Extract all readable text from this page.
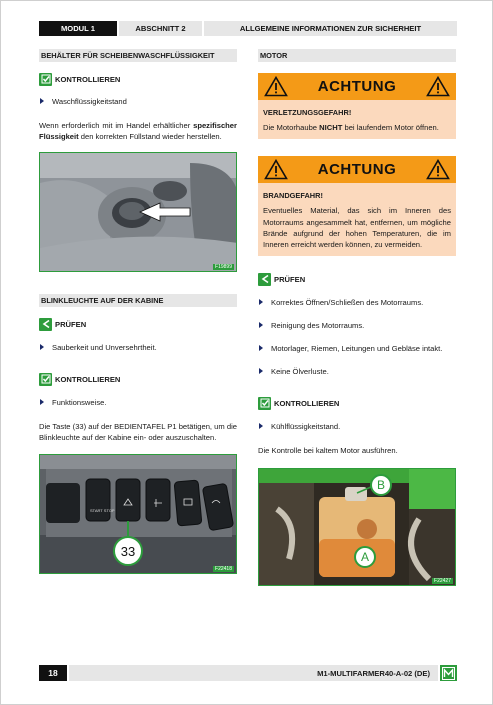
MODUL 1	ABSCHNITT 2	ALLGEMEINE INFORMATIONEN ZUR SICHERHEIT
BEHÄLTER FÜR SCHEIBENWASCHFLÜSSIGKEIT
KONTROLLIEREN
Waschflüssigkeitstand

Wenn erforderlich mit im Handel erhältlicher spezifischer Flüssigkeit den korrekten Füllstand wieder herstellen.

F19899
BLINKLEUCHTE AUF DER KABINE
PRÜFEN
Sauberkeit und Unversehrtheit.
KONTROLLIEREN
Funktionsweise.

Die Taste (33) auf der BEDIENTAFEL P1 betätigen, um die Blinkleuchte auf der Kabine ein- oder auszuschalten.

START STOP
33
F22418
MOTOR
ACHTUNG
VERLETZUNGSGEFAHR!

Die Motorhaube NICHT bei laufendem Motor öffnen.

ACHTUNG
BRANDGEFAHR!

Eventuelles Material, das sich im Inneren des Motorraums angesammelt hat, entfernen, um mögliche Brände aufgrund der hohen Temperaturen, die im Inneren erreicht werden können, zu vermeiden.

PRÜFEN
Korrektes Öffnen/Schließen des Motorraums.
Reinigung des Motorraums.
Motorlager, Riemen, Leitungen und Gebläse intakt.
Keine Ölverluste.
KONTROLLIEREN
Kühlflüssigkeitstand.

Die Kontrolle bei kaltem Motor ausführen.

B
A
F22427
18	M1-MULTIFARMER40-A-02 (DE)
